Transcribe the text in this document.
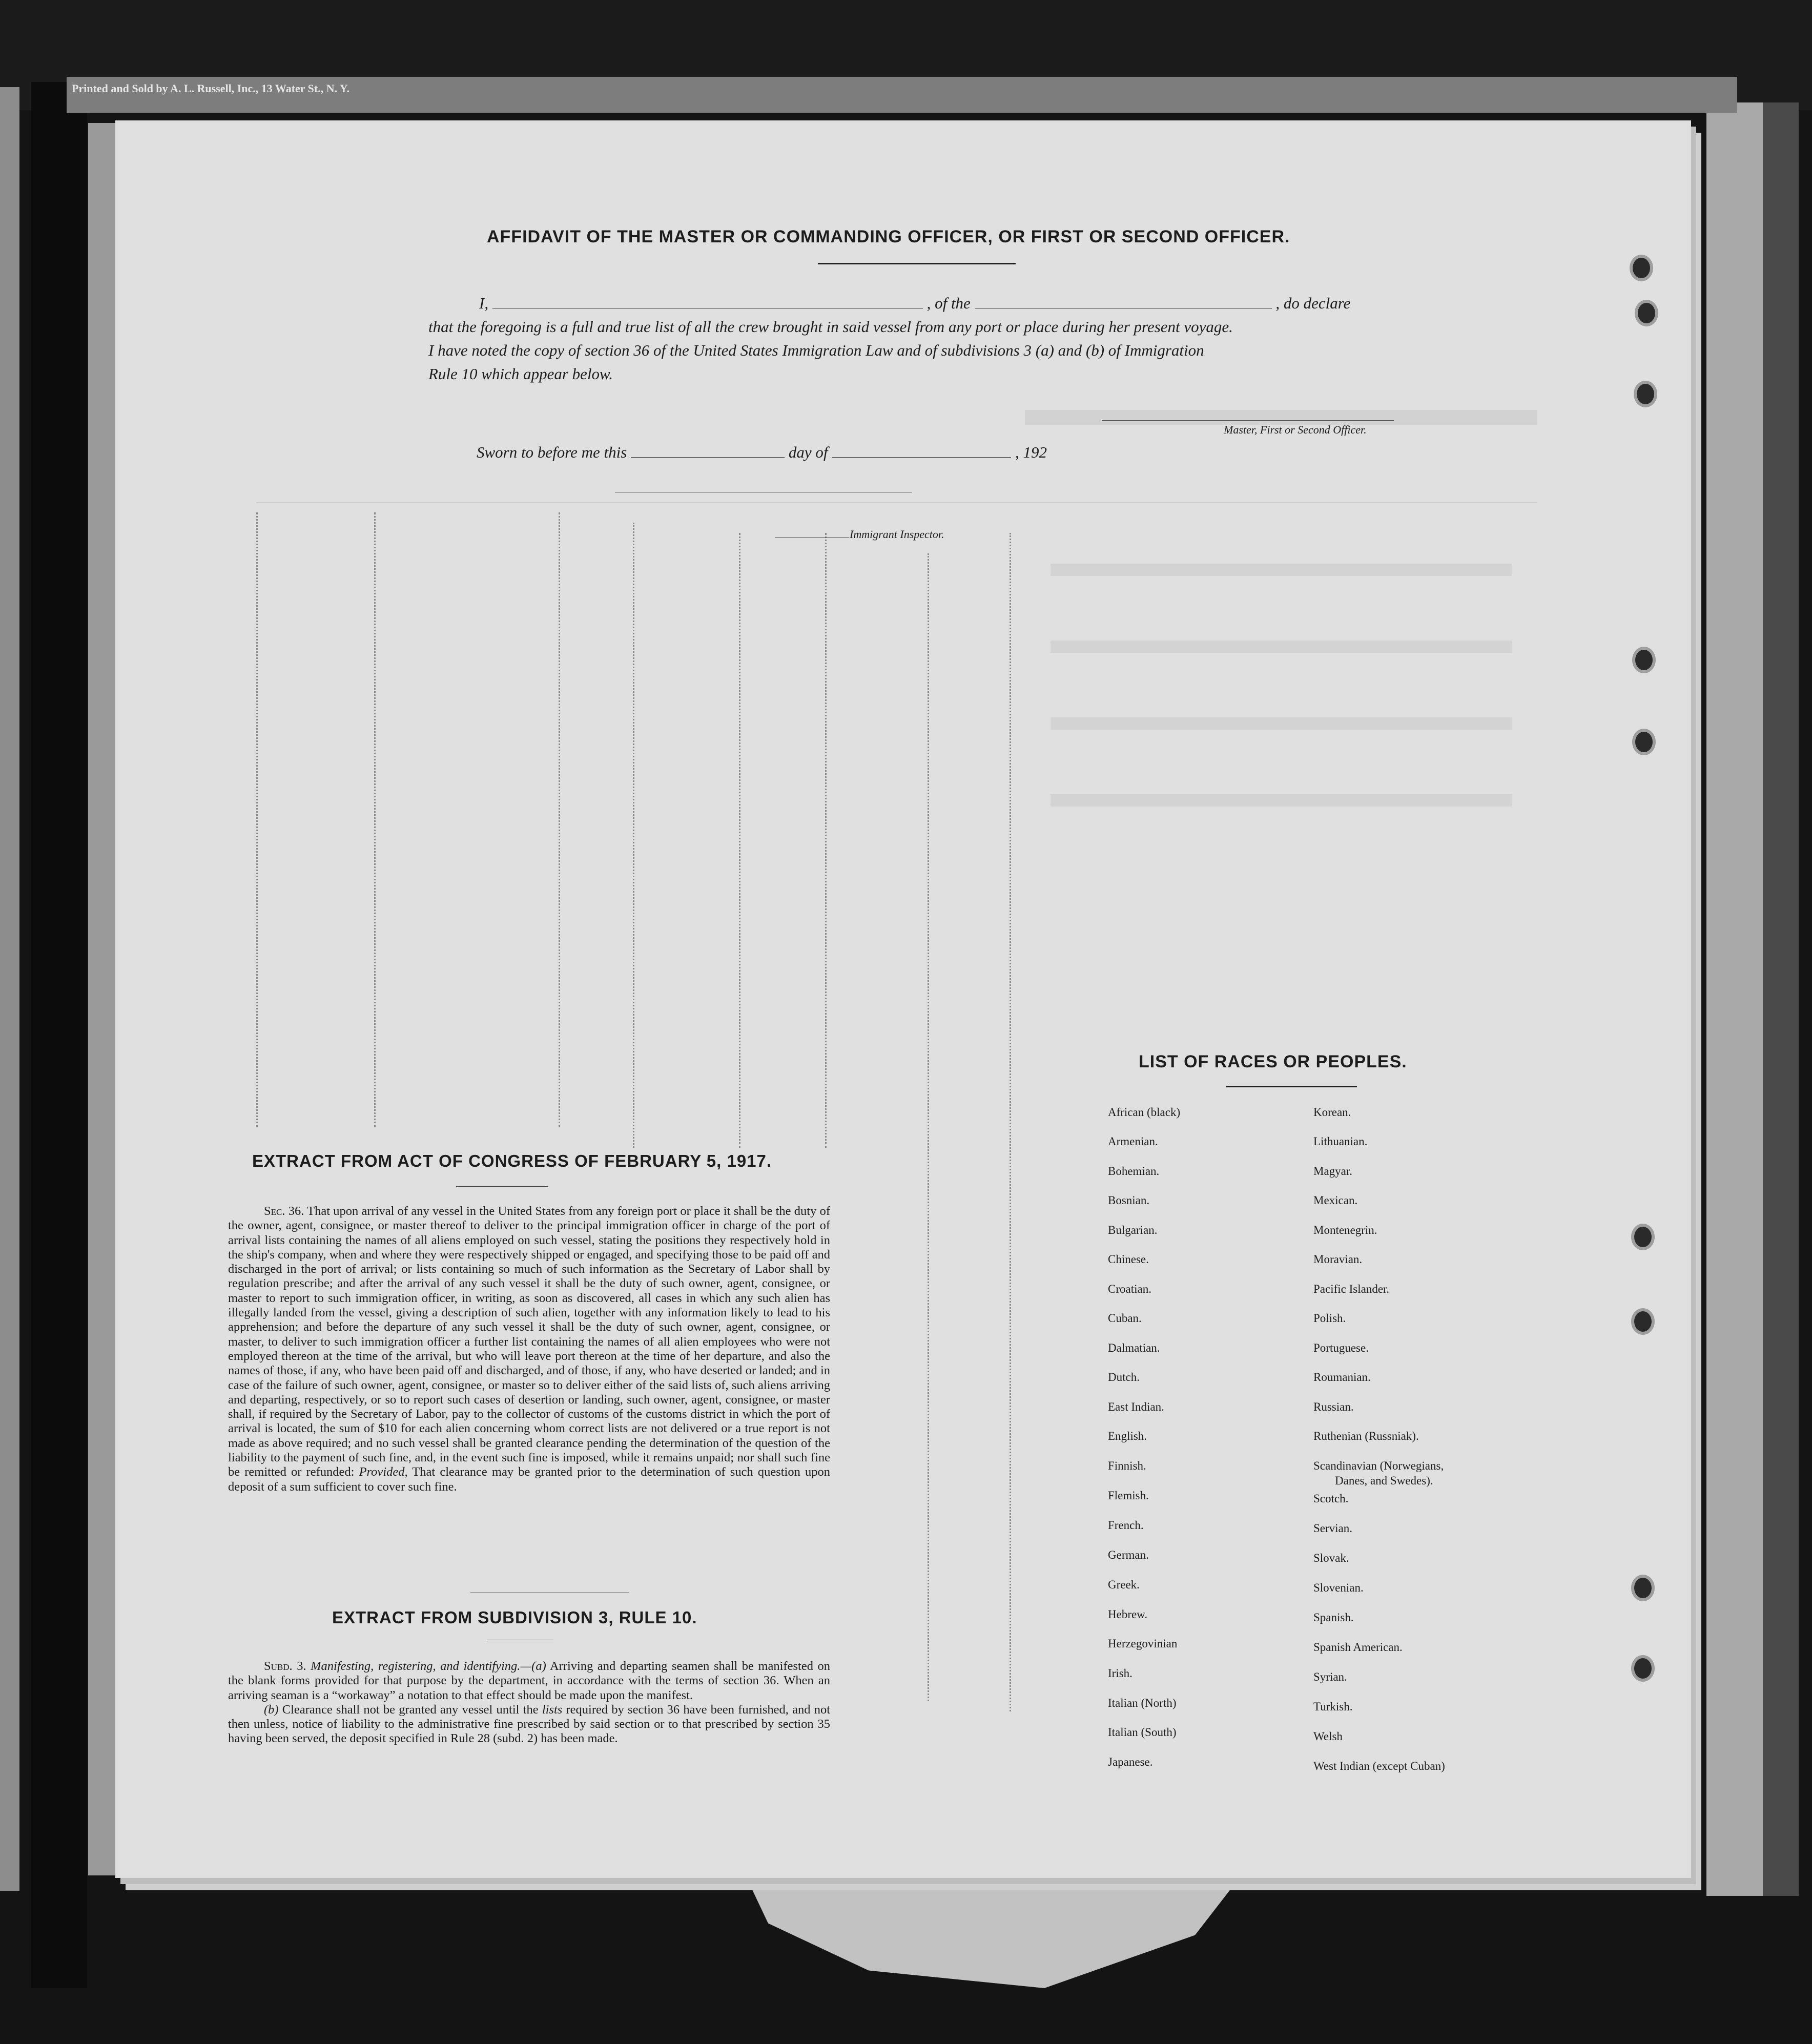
Printed and Sold by A. L. Russell, Inc., 13 Water St., N. Y.
AFFIDAVIT OF THE MASTER OR COMMANDING OFFICER, OR FIRST OR SECOND OFFICER.
I,	, of the	, do declare
that the foregoing is a full and true list of all the crew brought in said vessel from any port or place during her present voyage.
I have noted the copy of section 36 of the United States Immigration Law and of subdivisions 3 (a) and (b) of Immigration
Rule 10 which appear below.
Master, First or Second Officer.
Sworn to before me this	day of	, 192
Immigrant Inspector.
EXTRACT FROM ACT OF CONGRESS OF FEBRUARY 5, 1917.
Sec. 36. That upon arrival of any vessel in the United States from any foreign port or place it shall be the duty of the owner, agent, consignee, or master thereof to deliver to the principal immigration officer in charge of the port of arrival lists containing the names of all aliens employed on such vessel, stating the positions they respectively hold in the ship's company, when and where they were respectively shipped or engaged, and specifying those to be paid off and discharged in the port of arrival; or lists containing so much of such information as the Secretary of Labor shall by regulation prescribe; and after the arrival of any such vessel it shall be the duty of such owner, agent, consignee, or master to report to such immigration officer, in writing, as soon as discovered, all cases in which any such alien has illegally landed from the vessel, giving a description of such alien, together with any information likely to lead to his apprehension; and before the departure of any such vessel it shall be the duty of such owner, agent, consignee, or master, to deliver to such immigration officer a further list containing the names of all alien employees who were not employed thereon at the time of the arrival, but who will leave port thereon at the time of her departure, and also the names of those, if any, who have been paid off and discharged, and of those, if any, who have deserted or landed; and in case of the failure of such owner, agent, consignee, or master so to deliver either of the said lists of, such aliens arriving and departing, respectively, or so to report such cases of desertion or landing, such owner, agent, consignee, or master shall, if required by the Secretary of Labor, pay to the collector of customs of the customs district in which the port of arrival is located, the sum of $10 for each alien concerning whom correct lists are not delivered or a true report is not made as above required; and no such vessel shall be granted clearance pending the determination of the question of the liability to the payment of such fine, and, in the event such fine is imposed, while it remains unpaid; nor shall such fine be remitted or refunded: Provided, That clearance may be granted prior to the determination of such question upon deposit of a sum sufficient to cover such fine.
EXTRACT FROM SUBDIVISION 3, RULE 10.
Subd. 3. Manifesting, registering, and identifying.—(a) Arriving and departing seamen shall be manifested on the blank forms provided for that purpose by the department, in accordance with the terms of section 36. When an arriving seaman is a “workaway” a notation to that effect should be made upon the manifest.
(b) Clearance shall not be granted any vessel until the lists required by section 36 have been furnished, and not then unless, notice of liability to the administrative fine prescribed by said section or to that prescribed by section 35 having been served, the deposit specified in Rule 28 (subd. 2) has been made.
LIST OF RACES OR PEOPLES.
African (black)
Armenian.
Bohemian.
Bosnian.
Bulgarian.
Chinese.
Croatian.
Cuban.
Dalmatian.
Dutch.
East Indian.
English.
Finnish.
Flemish.
French.
German.
Greek.
Hebrew.
Herzegovinian
Irish.
Italian (North)
Italian (South)
Japanese.
Korean.
Lithuanian.
Magyar.
Mexican.
Montenegrin.
Moravian.
Pacific Islander.
Polish.
Portuguese.
Roumanian.
Russian.
Ruthenian (Russniak).
Scandinavian (Norwegians,
Danes, and Swedes).
Scotch.
Servian.
Slovak.
Slovenian.
Spanish.
Spanish American.
Syrian.
Turkish.
Welsh
West Indian (except Cuban)
